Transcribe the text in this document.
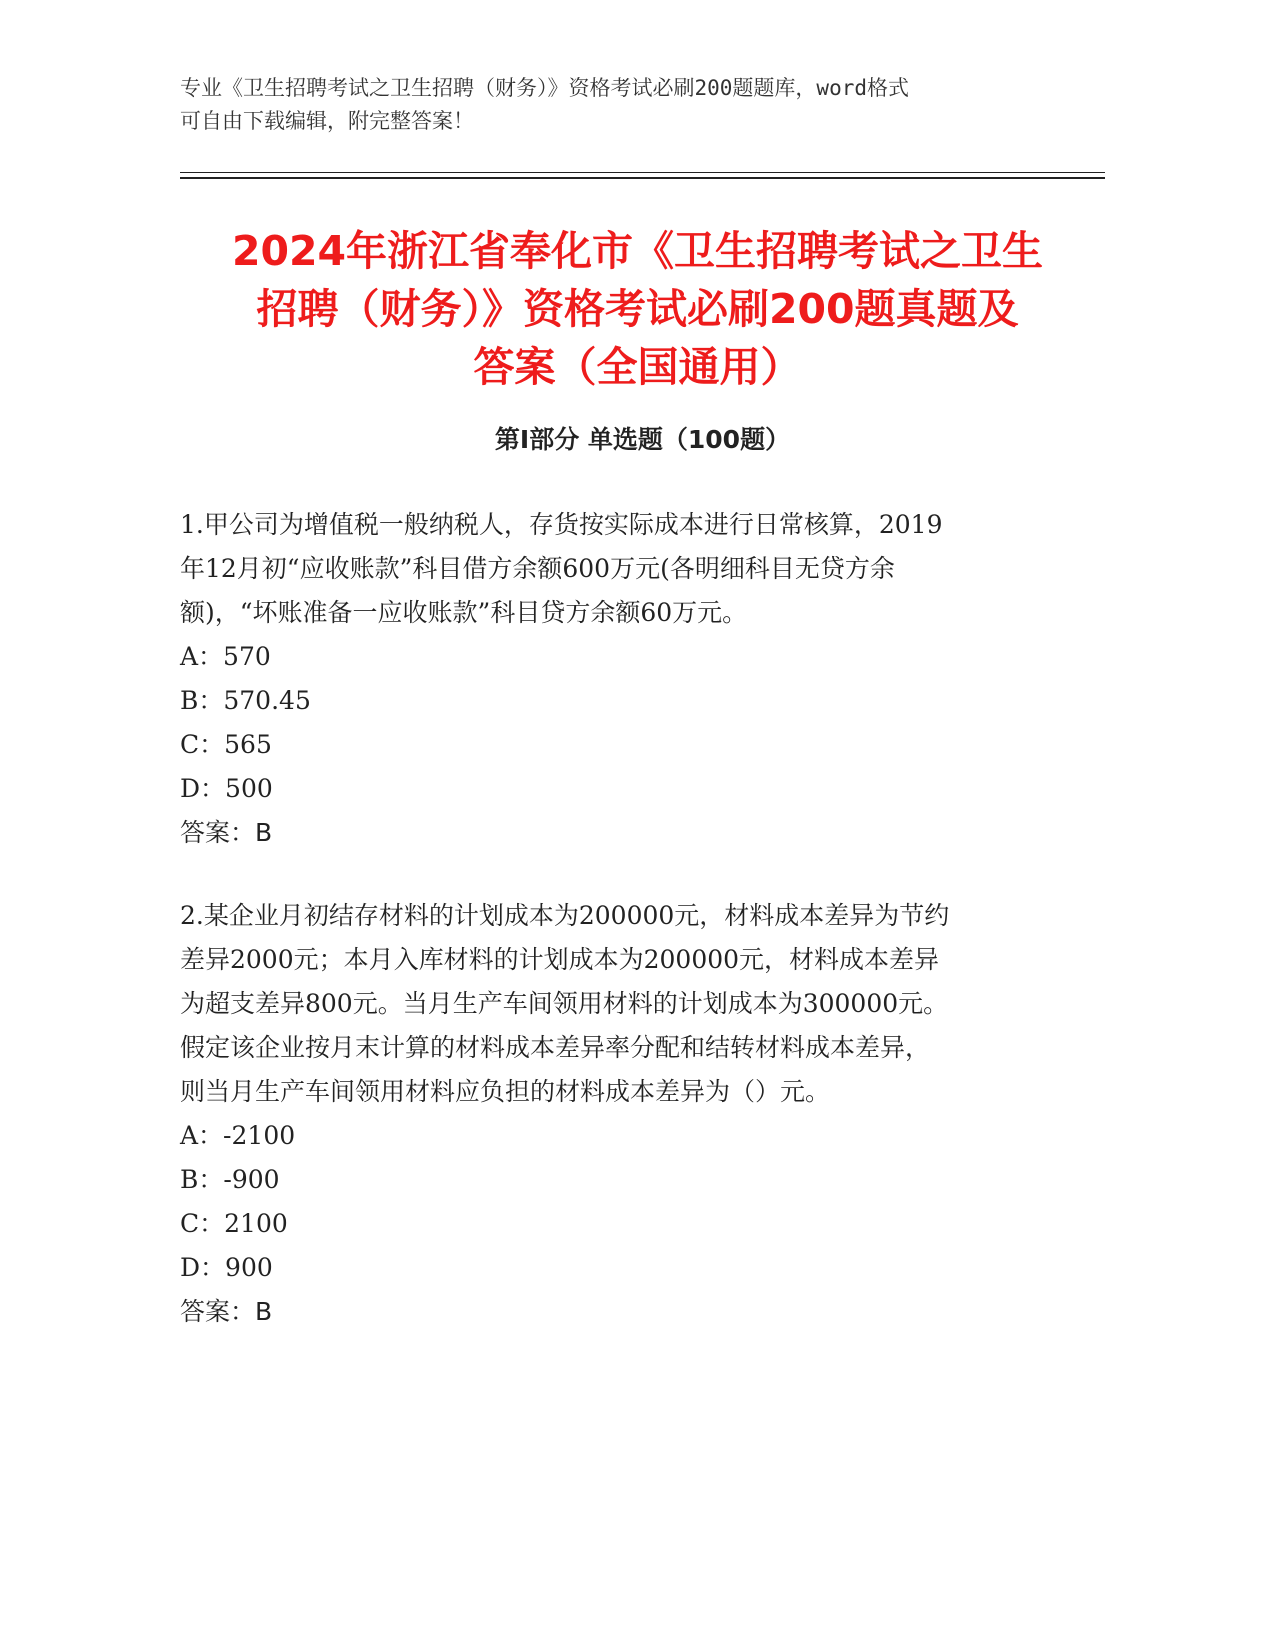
专业《卫生招聘考试之卫生招聘（财务）》资格考试必刷200题题库，word格式
可自由下载编辑，附完整答案！
2024年浙江省奉化市《卫生招聘考试之卫生
招聘（财务）》资格考试必刷200题真题及
答案（全国通用）
第Ⅰ部分 单选题（100题）
1.甲公司为增值税一般纳税人，存货按实际成本进行日常核算，2019
年12月初“应收账款”科目借方余额600万元(各明细科目无贷方余
额)，“坏账准备一应收账款”科目贷方余额60万元。
A：570
B：570.45
C：565
D：500
答案：B
2.某企业月初结存材料的计划成本为200000元，材料成本差异为节约
差异2000元；本月入库材料的计划成本为200000元，材料成本差异
为超支差异800元。当月生产车间领用材料的计划成本为300000元。
假定该企业按月末计算的材料成本差异率分配和结转材料成本差异，
则当月生产车间领用材料应负担的材料成本差异为（）元。
A：-2100
B：-900
C：2100
D：900
答案：B
